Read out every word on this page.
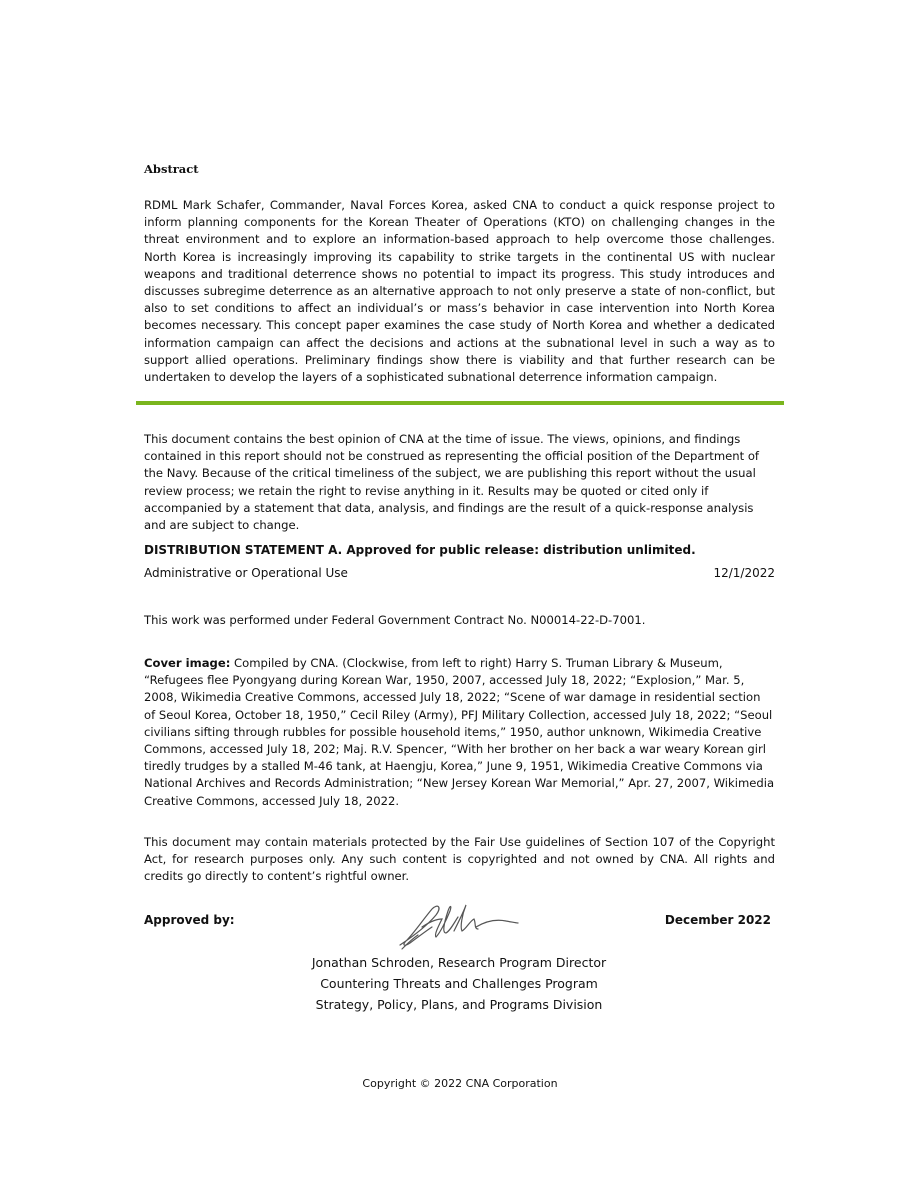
Abstract

RDML Mark Schafer, Commander, Naval Forces Korea, asked CNA to conduct a quick response project to inform planning components for the Korean Theater of Operations (KTO) on challenging changes in the threat environment and to explore an information-based approach to help overcome those challenges. North Korea is increasingly improving its capability to strike targets in the continental US with nuclear weapons and traditional deterrence shows no potential to impact its progress. This study introduces and discusses subregime deterrence as an alternative approach to not only preserve a state of non-conflict, but also to set conditions to affect an individual’s or mass’s behavior in case intervention into North Korea becomes necessary. This concept paper examines the case study of North Korea and whether a dedicated information campaign can affect the decisions and actions at the subnational level in such a way as to support allied operations. Preliminary findings show there is viability and that further research can be undertaken to develop the layers of a sophisticated subnational deterrence information campaign.

This document contains the best opinion of CNA at the time of issue. The views, opinions, and findings contained in this report should not be construed as representing the official position of the Department of the Navy. Because of the critical timeliness of the subject, we are publishing this report without the usual review process; we retain the right to revise anything in it. Results may be quoted or cited only if accompanied by a statement that data, analysis, and findings are the result of a quick-response analysis and are subject to change.

DISTRIBUTION STATEMENT A. Approved for public release: distribution unlimited.

Administrative or Operational Use	12/1/2022

This work was performed under Federal Government Contract No. N00014-22-D-7001.

Cover image: Compiled by CNA. (Clockwise, from left to right) Harry S. Truman Library & Museum, “Refugees flee Pyongyang during Korean War, 1950, 2007, accessed July 18, 2022; “Explosion,” Mar. 5, 2008, Wikimedia Creative Commons, accessed July 18, 2022; “Scene of war damage in residential section of Seoul Korea, October 18, 1950,” Cecil Riley (Army), PFJ Military Collection, accessed July 18, 2022; “Seoul civilians sifting through rubbles for possible household items,” 1950, author unknown, Wikimedia Creative Commons, accessed July 18, 202; Maj. R.V. Spencer, “With her brother on her back a war weary Korean girl tiredly trudges by a stalled M-46 tank, at Haengju, Korea,” June 9, 1951, Wikimedia Creative Commons via National Archives and Records Administration; “New Jersey Korean War Memorial,” Apr. 27, 2007, Wikimedia Creative Commons, accessed July 18, 2022.

This document may contain materials protected by the Fair Use guidelines of Section 107 of the Copyright Act, for research purposes only. Any such content is copyrighted and not owned by CNA. All rights and credits go directly to content’s rightful owner.

Approved by:	December 2022

Jonathan Schroden, Research Program Director
Countering Threats and Challenges Program
Strategy, Policy, Plans, and Programs Division
Copyright © 2022 CNA Corporation
